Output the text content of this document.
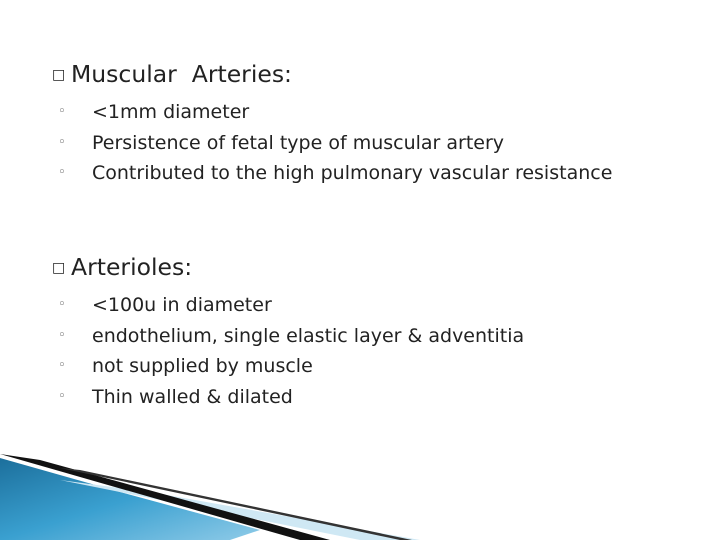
□ Muscular  Arteries:
◦ <1mm diameter
◦ Persistence of fetal type of muscular artery
◦ Contributed to the high pulmonary vascular resistance
□ Arterioles:
◦ <100u in diameter
◦ endothelium, single elastic layer & adventitia
◦ not supplied by muscle
◦ Thin walled & dilated
